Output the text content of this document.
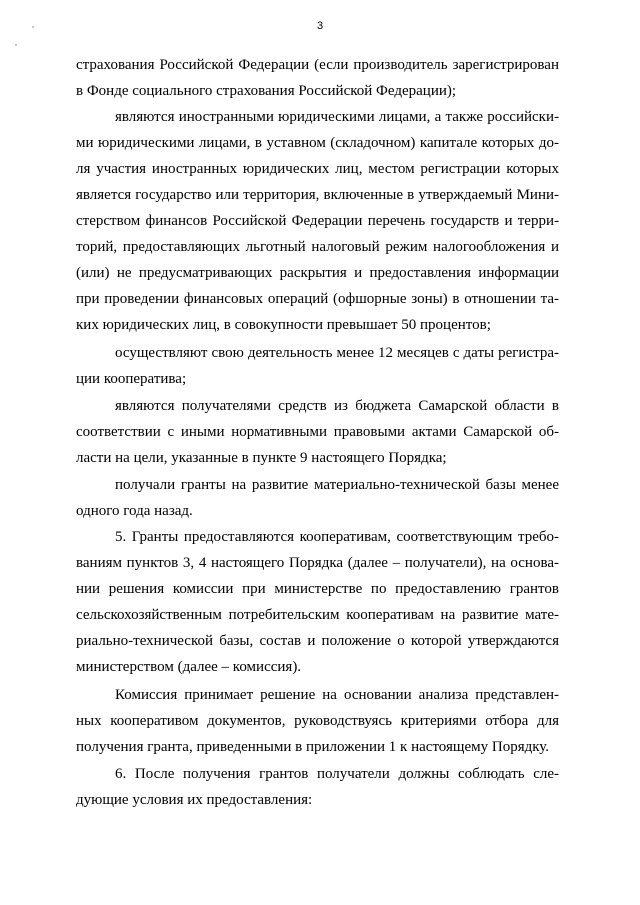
3

страхования Российской Федерации (если производитель зарегистрирован

в Фонде социального страхования Российской Федерации);

являются иностранными юридическими лицами, а также российски-

ми юридическими лицами, в уставном (складочном) капитале которых до-

ля участия иностранных юридических лиц, местом регистрации которых

является государство или территория, включенные в утверждаемый Мини-

стерством финансов Российской Федерации перечень государств и терри-

торий, предоставляющих льготный налоговый режим налогообложения и

(или) не предусматривающих раскрытия и предоставления информации

при проведении финансовых операций (офшорные зоны) в отношении та-

ких юридических лиц, в совокупности превышает 50 процентов;

осуществляют свою деятельность менее 12 месяцев с даты регистра-

ции кооператива;

являются получателями средств из бюджета Самарской области в

соответствии с иными нормативными правовыми актами Самарской об-

ласти на цели, указанные в пункте 9 настоящего Порядка;

получали гранты на развитие материально-технической базы менее

одного года назад.

5. Гранты предоставляются кооперативам, соответствующим требо-

ваниям пунктов 3, 4 настоящего Порядка (далее – получатели), на основа-

нии решения комиссии при министерстве по предоставлению грантов

сельскохозяйственным потребительским кооперативам на развитие мате-

риально-технической базы, состав и положение о которой утверждаются

министерством (далее – комиссия).

Комиссия принимает решение на основании анализа представлен-

ных кооперативом документов, руководствуясь критериями отбора для

получения гранта, приведенными в приложении 1 к настоящему Порядку.

6. После получения грантов получатели должны соблюдать сле-

дующие условия их предоставления:
